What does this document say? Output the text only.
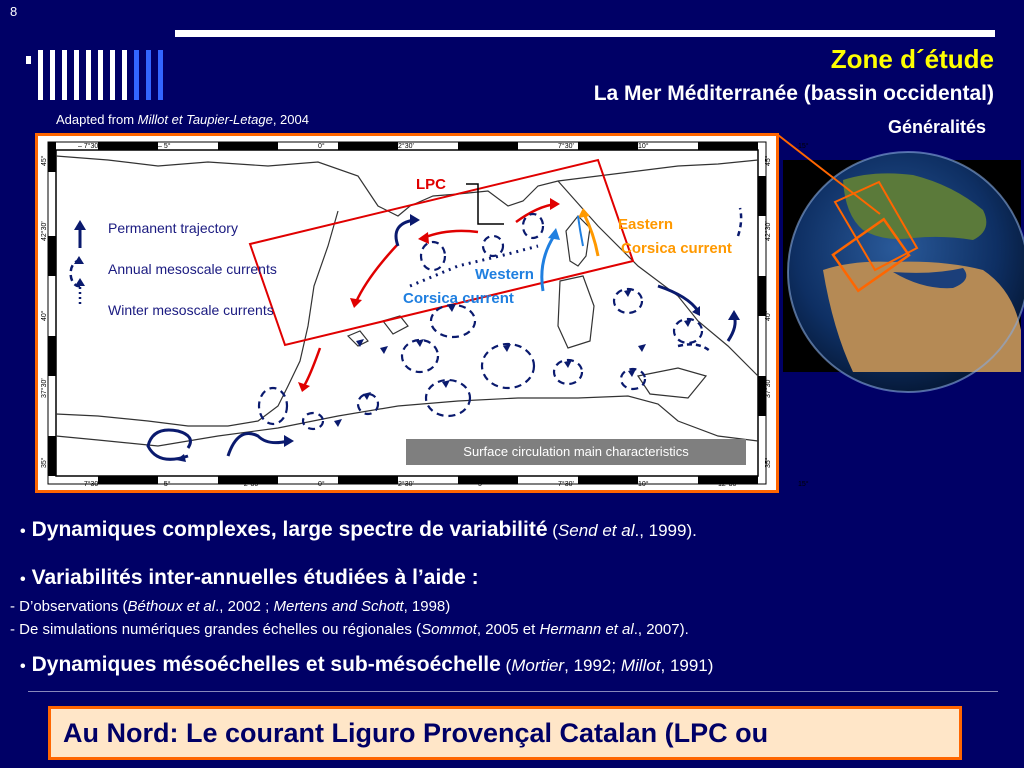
8
Zone d´étude
La Mer Méditerranée (bassin occidental)
Généralités
Adapted from Millot et Taupier-Letage, 2004
– 7°30'	– 5°	– 2°30'	0°	2°30'	5°	7°30'	10°	12°30'	15°
– 7°30'	– 5°	– 2°30'	0°	2°30'	5°	7°30'	10°	12°30'	15°
45°
42°30'
40°
37°30'
35°
45°
42°30'
40°
37°30'
35°
Permanent trajectory
Annual mesoscale currents
Winter mesoscale currents
LPC
Eastern
Corsica current
Western
Corsica current
Surface circulation main characteristics
• Dynamiques complexes, large spectre de variabilité (Send et al., 1999).
• Variabilités inter-annuelles étudiées à l’aide :
- D’observations (Béthoux et al., 2002 ; Mertens and Schott, 1998)
- De simulations numériques grandes échelles ou régionales (Sommot, 2005 et Hermann et al., 2007).
• Dynamiques mésoéchelles et sub-mésoéchelle (Mortier, 1992; Millot, 1991)
Au Nord: Le courant Liguro Provençal Catalan (LPC ou
